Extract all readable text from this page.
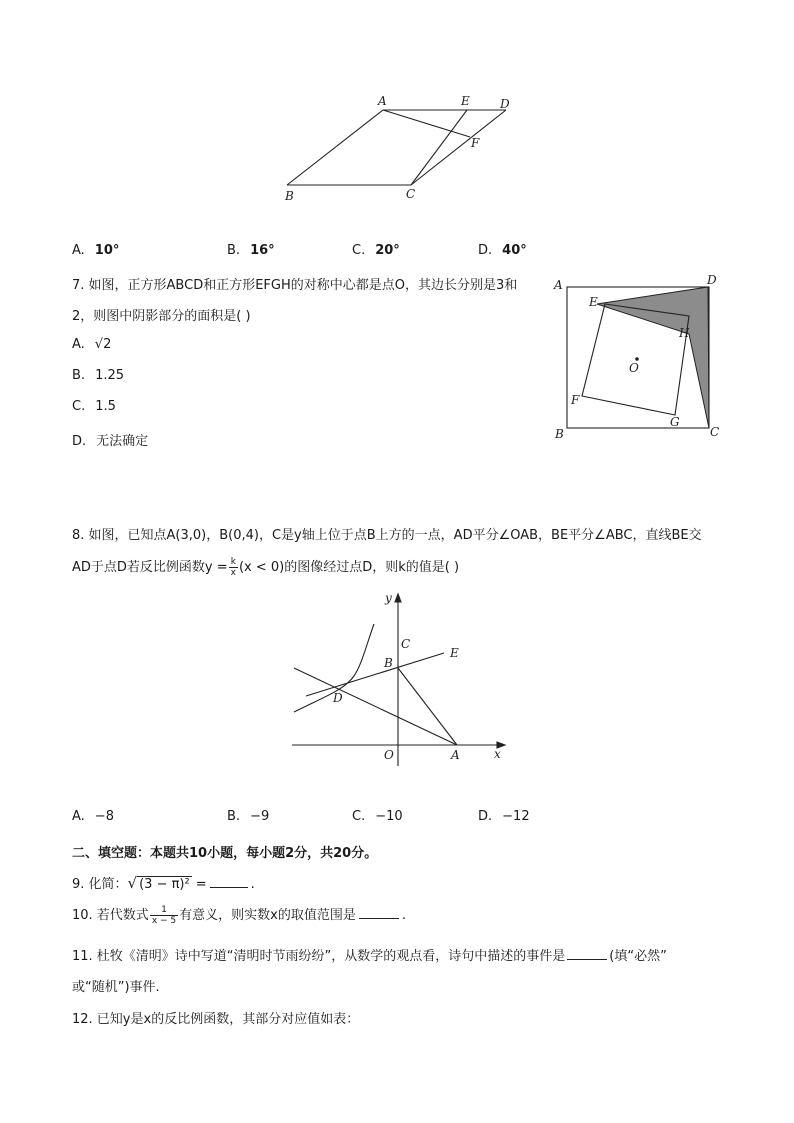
A	E	D
F
B	C
A. 10°	B. 16°	C. 20°	D. 40°
7. 如图，正方形ABCD和正方形EFGH的对称中心都是点O，其边长分别是3和
2，则图中阴影部分的面积是( )
A. √2
B. 1.25
C. 1.5
D. 无法确定
A	D
E
H
O
F
G
B	C
8. 如图，已知点A(3,0)，B(0,4)，C是y轴上位于点B上方的一点，AD平分∠OAB，BE平分∠ABC，直线BE交
AD于点D若反比例函数$y = \frac{k}{x} (x < 0)$的图像经过点D，则k的值是( )
y
C
B
E
D
O	A	x
A. −8	B. −9	C. −10	D. −12
二、填空题：本题共10小题，每小题2分，共20分。
9. 化简：√ (3 − π)² =	.
10. 若代数式 $\frac{1}{x - 5}$ 有意义，则实数x的取值范围是	.
11. 杜牧《清明》诗中写道“清明时节雨纷纷”，从数学的观点看，诗句中描述的事件是	(填“必然”
或“随机”)事件.
12. 已知y是x的反比例函数，其部分对应值如表：
